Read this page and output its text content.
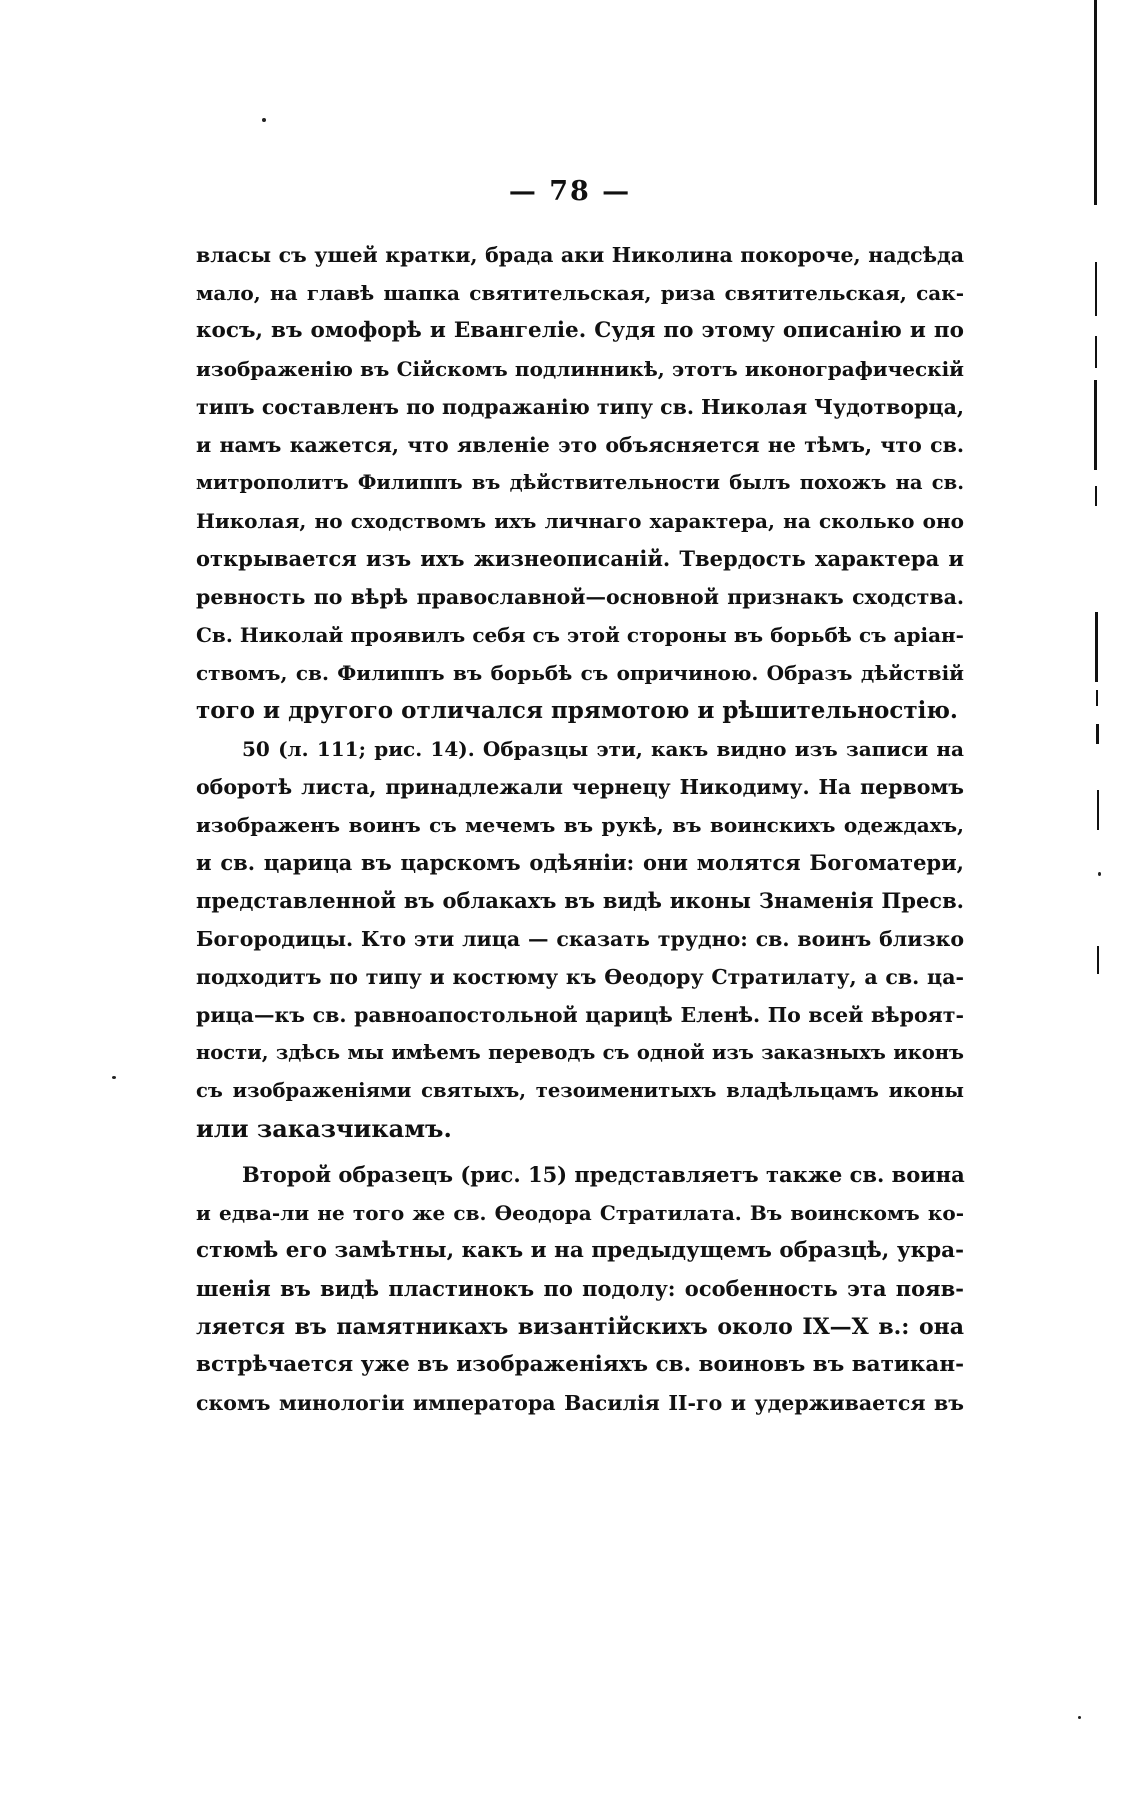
— 78 —
власы съ ушей кратки, брада аки Николина покороче, надсѣда
мало, на главѣ шапка святительская, риза святительская, сак-
косъ, въ омофорѣ и Евангеліе. Судя по этому описанію и по
изображенію въ Сійскомъ подлинникѣ, этотъ иконографическій
типъ составленъ по подражанію типу св. Николая Чудотворца,
и намъ кажется, что явленіе это объясняется не тѣмъ, что св.
митрополитъ Филиппъ въ дѣйствительности былъ похожъ на св.
Николая, но сходствомъ ихъ личнаго характера, на сколько оно
открывается изъ ихъ жизнеописаній. Твердость характера и
ревность по вѣрѣ православной—основной признакъ сходства.
Св. Николай проявилъ себя съ этой стороны въ борьбѣ съ аріан-
ствомъ, св. Филиппъ въ борьбѣ съ опричиною. Образъ дѣйствій
того и другого отличался прямотою и рѣшительностію.
50 (л. 111; рис. 14). Образцы эти, какъ видно изъ записи на
оборотѣ листа, принадлежали чернецу Никодиму. На первомъ
изображенъ воинъ съ мечемъ въ рукѣ, въ воинскихъ одеждахъ,
и св. царица въ царскомъ одѣяніи: они молятся Богоматери,
представленной въ облакахъ въ видѣ иконы Знаменія Пресв.
Богородицы. Кто эти лица — сказать трудно: св. воинъ близко
подходитъ по типу и костюму къ Ѳеодору Стратилату, а св. ца-
рица—къ св. равноапостольной царицѣ Еленѣ. По всей вѣроят-
ности, здѣсь мы имѣемъ переводъ съ одной изъ заказныхъ иконъ
съ изображеніями святыхъ, тезоименитыхъ владѣльцамъ иконы
или заказчикамъ.
Второй образецъ (рис. 15) представляетъ также св. воина
и едва-ли не того же св. Ѳеодора Стратилата. Въ воинскомъ ко-
стюмѣ его замѣтны, какъ и на предыдущемъ образцѣ, укра-
шенія въ видѣ пластинокъ по подолу: особенность эта появ-
ляется въ памятникахъ византійскихъ около IX—X в.: она
встрѣчается уже въ изображеніяхъ св. воиновъ въ ватикан-
скомъ минологіи императора Василія II-го и удерживается въ
